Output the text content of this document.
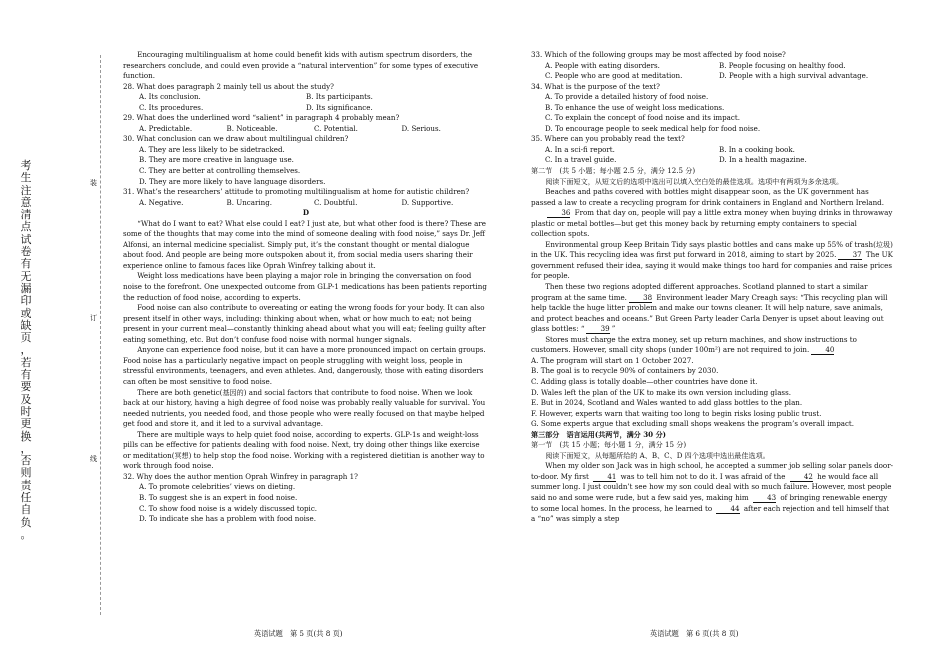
装
订
线
考
生
注
意
清
点
试
卷
有
无
漏
印
或
缺
页
，
若
有
要
及
时
更
换
，
否
则
责
任
自
负
。

Encouraging multilingualism at home could benefit kids with autism spectrum disorders, the researchers conclude, and could even provide a “natural intervention” for some types of executive function.

28. What does paragraph 2 mainly tell us about the study?

A. Its conclusion.	B. Its participants.
C. Its procedures.	D. Its significance.

29. What does the underlined word “salient” in paragraph 4 probably mean?

A. Predictable.	B. Noticeable.	C. Potential.	D. Serious.

30. What conclusion can we draw about multilingual children?

A. They are less likely to be sidetracked.

B. They are more creative in language use.

C. They are better at controlling themselves.

D. They are more likely to have language disorders.

31. What’s the researchers’ attitude to promoting multilingualism at home for autistic children?

A. Negative.	B. Uncaring.	C. Doubtful.	D. Supportive.

D

“What do I want to eat? What else could I eat? I just ate, but what other food is there? These are some of the thoughts that may come into the mind of someone dealing with food noise,” says Dr. Jeff Alfonsi, an internal medicine specialist. Simply put, it’s the constant thought or mental dialogue about food. And people are being more outspoken about it, from social media users sharing their experience online to famous faces like Oprah Winfrey talking about it.

Weight loss medications have been playing a major role in bringing the conversation on food noise to the forefront. One unexpected outcome from GLP-1 medications has been patients reporting the reduction of food noise, according to experts.

Food noise can also contribute to overeating or eating the wrong foods for your body. It can also present itself in other ways, including: thinking about when, what or how much to eat; not being present in your current meal—constantly thinking ahead about what you will eat; feeling guilty after eating something, etc. But don’t confuse food noise with normal hunger signals.

Anyone can experience food noise, but it can have a more pronounced impact on certain groups. Food noise has a particularly negative impact on people struggling with weight loss, people in stressful environments, teenagers, and even athletes. And, dangerously, those with eating disorders can often be most sensitive to food noise.

There are both genetic(基因的) and social factors that contribute to food noise. When we look back at our history, having a high degree of food noise was probably really valuable for survival. You needed nutrients, you needed food, and those people who were really focused on that maybe helped get food and store it, and it led to a survival advantage.

There are multiple ways to help quiet food noise, according to experts. GLP-1s and weight-loss pills can be effective for patients dealing with food noise. Next, try doing other things like exercise or meditation(冥想) to help stop the food noise. Working with a registered dietitian is another way to work through food noise.

32. Why does the author mention Oprah Winfrey in paragraph 1?

A. To promote celebrities’ views on dieting.

B. To suggest she is an expert in food noise.

C. To show food noise is a widely discussed topic.

D. To indicate she has a problem with food noise.

33. Which of the following groups may be most affected by food noise?

A. People with eating disorders.	B. People focusing on healthy food.
C. People who are good at meditation.	D. People with a high survival advantage.

34. What is the purpose of the text?

A. To provide a detailed history of food noise.

B. To enhance the use of weight loss medications.

C. To explain the concept of food noise and its impact.

D. To encourage people to seek medical help for food noise.

35. Where can you probably read the text?

A. In a sci-fi report.	B. In a cooking book.
C. In a travel guide.	D. In a health magazine.

第二节　(共 5 小题；每小题 2.5 分，满分 12.5 分)

阅读下面短文，从短文后的选项中选出可以填入空白处的最佳选项。选项中有两项为多余选项。

Beaches and paths covered with bottles might disappear soon, as the UK government has passed a law to create a recycling program for drink containers in England and Northern Ireland.

36 From that day on, people will pay a little extra money when buying drinks in throwaway plastic or metal bottles—but get this money back by returning empty containers to special collection spots.

Environmental group Keep Britain Tidy says plastic bottles and cans make up 55% of trash(垃圾) in the UK. This recycling idea was first put forward in 2018, aiming to start by 2025. 37 The UK government refused their idea, saying it would make things too hard for companies and raise prices for people.

Then these two regions adopted different approaches. Scotland planned to start a similar program at the same time. 38 Environment leader Mary Creagh says: “This recycling plan will help tackle the huge litter problem and make our towns cleaner. It will help nature, save animals, and protect beaches and oceans.” But Green Party leader Carla Denyer is upset about leaving out glass bottles: “ 39 ”

Stores must charge the extra money, set up return machines, and show instructions to customers. However, small city shops (under 100m²) are not required to join. 40

A. The program will start on 1 October 2027.

B. The goal is to recycle 90% of containers by 2030.

C. Adding glass is totally doable—other countries have done it.

D. Wales left the plan of the UK to make its own version including glass.

E. But in 2024, Scotland and Wales wanted to add glass bottles to the plan.

F. However, experts warn that waiting too long to begin risks losing public trust.

G. Some experts argue that excluding small shops weakens the program’s overall impact.

第三部分　语言运用(共两节，满分 30 分)

第一节　(共 15 小题；每小题 1 分，满分 15 分)

阅读下面短文，从每题所给的 A、B、C、D 四个选项中选出最佳选项。

When my older son Jack was in high school, he accepted a summer job selling solar panels door-to-door. My first 41 was to tell him not to do it. I was afraid of the 42 he would face all summer long. I just couldn’t see how my son could deal with so much failure. However, most people said no and some were rude, but a few said yes, making him 43 of bringing renewable energy to some local homes. In the process, he learned to 44 after each rejection and tell himself that a “no” was simply a step

英语试题　第 5 页(共 8 页)	英语试题　第 6 页(共 8 页)
